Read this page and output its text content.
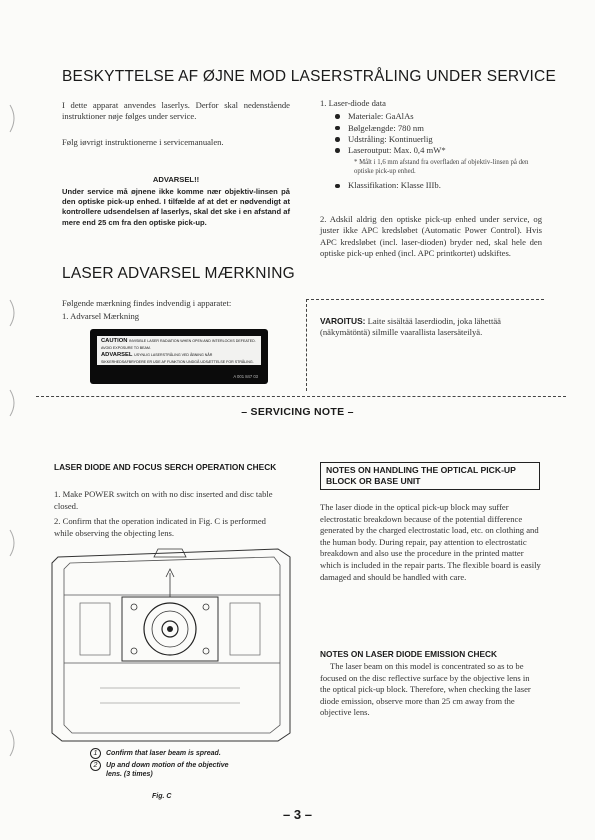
BESKYTTELSE AF ØJNE MOD LASERSTRÅLING UNDER SERVICE
I dette apparat anvendes laserlys. Derfor skal nedenstående instruktioner nøje følges under service.
Følg iøvrigt instruktionerne i servicemanualen.
ADVARSEL!!
Under service må øjnene ikke komme nær objektiv-linsen på den optiske pick-up enhed. I tilfælde af at det er nødvendigt at kontrollere udsendelsen af laserlys, skal det ske i en afstand af mere end 25 cm fra den optiske pick-up.
1. Laser-diode data
Materiale: GaAlAs
Bølgelængde: 780 nm
Udstråling: Kontinuerlig
Laseroutput: Max. 0,4 mW*
* Målt i 1,6 mm afstand fra overfladen af objektiv-linsen på den optiske pick-up enhed.
Klassifikation: Klasse IIIb.
2. Adskil aldrig den optiske pick-up enhed under service, og juster ikke APC kredsløbet (Automatic Power Control). Hvis APC kredsløbet (incl. laser-dioden) bryder ned, skal hele den optiske pick-up enhed (incl. APC printkortet) udskiftes.
LASER ADVARSEL MÆRKNING
Følgende mærkning findes indvendig i apparatet:
1. Advarsel Mærkning
CAUTION INVISIBLE LASER RADIATION WHEN OPEN AND INTERLOCKS DEFEATED. AVOID EXPOSURE TO BEAM.
ADVARSEL USYNLIG LASERSTRÅLING VED ÅBNING NÅR SIKKERHEDSAFBRYDERE ER UDE AF FUNKTION UNDGÅ UDSÆTTELSE FOR STRÅLING.
A 001 847 03
VAROITUS: Laite sisältää laserdiodin, joka lähettää (näkymätöntä) silmille vaarallista lasersäteilyä.
– SERVICING NOTE –
LASER DIODE AND FOCUS SERCH OPERATION CHECK
1. Make POWER switch on with no disc inserted and disc table closed.
2. Confirm that the operation indicated in Fig. C is performed while observing the objecting lens.
1	Confirm that laser beam is spread.
2	Up and down motion of the objective lens. (3 times)
Fig. C
NOTES ON HANDLING THE OPTICAL PICK-UP BLOCK OR BASE UNIT
The laser diode in the optical pick-up block may suffer electrostatic breakdown because of the potential difference generated by the charged electrostatic load, etc. on clothing and the human body. During repair, pay attention to electrostatic breakdown and also use the procedure in the printed matter which is included in the repair parts. The flexible board is easily damaged and should be handled with care.
NOTES ON LASER DIODE EMISSION CHECK
The laser beam on this model is concentrated so as to be focused on the disc reflective surface by the objective lens in the optical pick-up block. Therefore, when checking the laser diode emission, observe more than 25 cm away from the objective lens.
– 3 –
